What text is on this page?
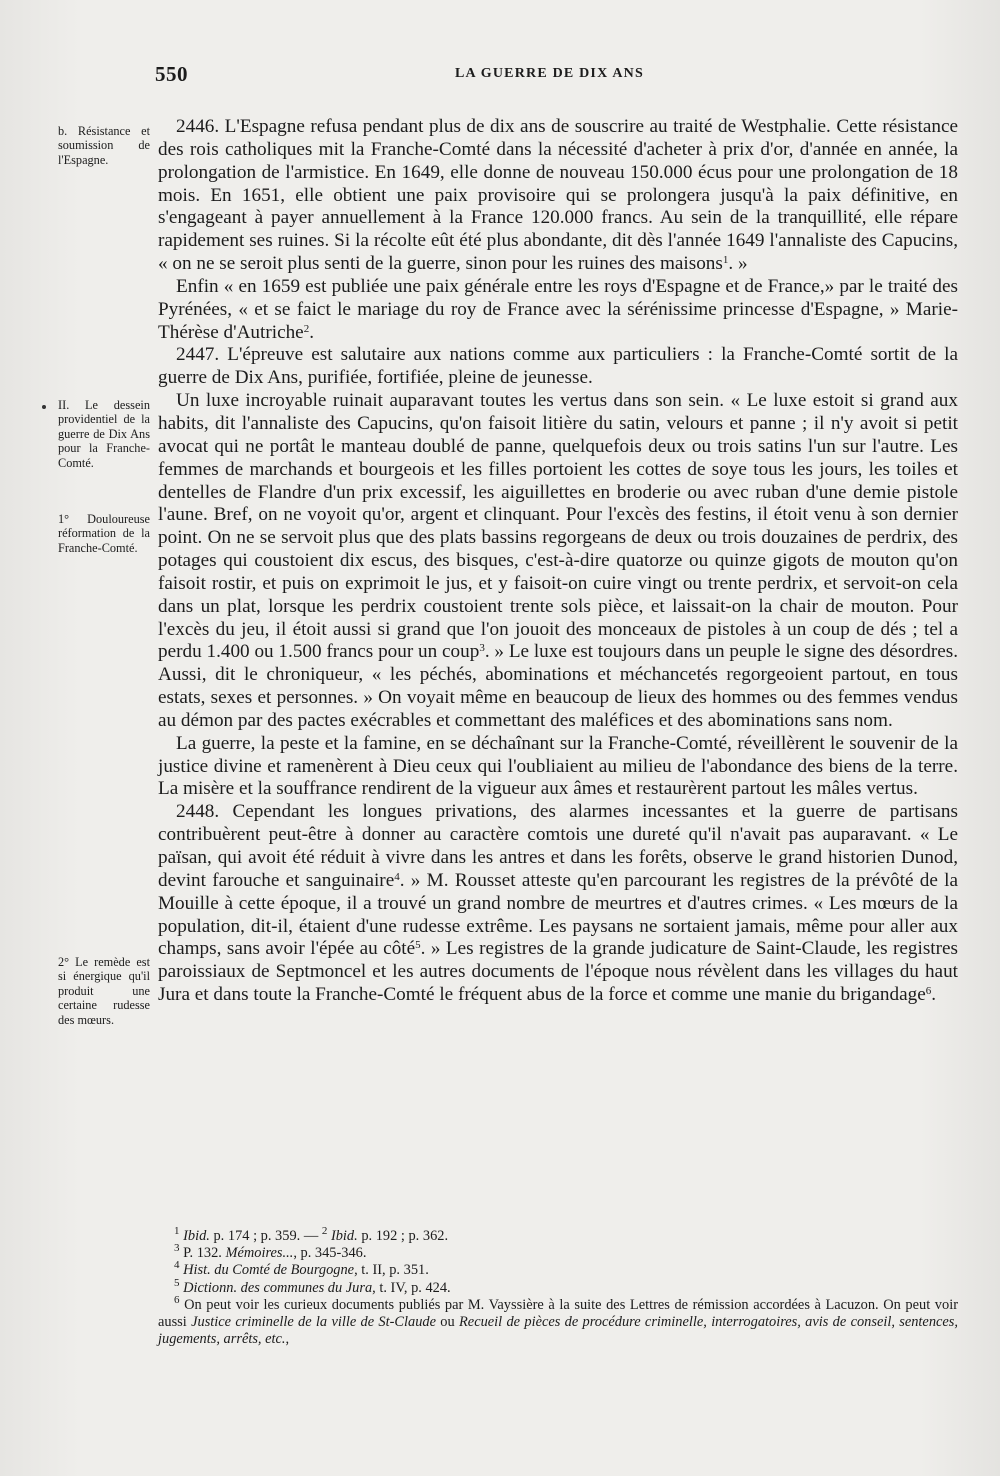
550	LA GUERRE DE DIX ANS
b. Résistance et soumission de l'Espagne.
II. Le dessein providentiel de la guerre de Dix Ans pour la Franche-Comté.
1° Douloureuse réformation de la Franche-Comté.
2° Le remède est si énergique qu'il produit une certaine rudesse des mœurs.

2446. L'Espagne refusa pendant plus de dix ans de souscrire au traité de Westphalie. Cette résistance des rois catholiques mit la Franche-Comté dans la nécessité d'acheter à prix d'or, d'année en année, la prolongation de l'armistice. En 1649, elle donne de nouveau 150.000 écus pour une prolongation de 18 mois. En 1651, elle obtient une paix provisoire qui se prolongera jusqu'à la paix définitive, en s'engageant à payer annuellement à la France 120.000 francs. Au sein de la tranquillité, elle répare rapidement ses ruines. Si la récolte eût été plus abondante, dit dès l'année 1649 l'annaliste des Capucins, « on ne se seroit plus senti de la guerre, sinon pour les ruines des maisons$^1$. »

Enfin « en 1659 est publiée une paix générale entre les roys d'Espagne et de France,» par le traité des Pyrénées, « et se faict le mariage du roy de France avec la sérénissime princesse d'Espagne, » Marie-Thérèse d'Autriche$^2$.

2447. L'épreuve est salutaire aux nations comme aux particuliers : la Franche-Comté sortit de la guerre de Dix Ans, purifiée, fortifiée, pleine de jeunesse.

Un luxe incroyable ruinait auparavant toutes les vertus dans son sein. « Le luxe estoit si grand aux habits, dit l'annaliste des Capucins, qu'on faisoit litière du satin, velours et panne ; il n'y avoit si petit avocat qui ne portât le manteau doublé de panne, quelquefois deux ou trois satins l'un sur l'autre. Les femmes de marchands et bourgeois et les filles portoient les cottes de soye tous les jours, les toiles et dentelles de Flandre d'un prix excessif, les aiguillettes en broderie ou avec ruban d'une demie pistole l'aune. Bref, on ne voyoit qu'or, argent et clinquant. Pour l'excès des festins, il étoit venu à son dernier point. On ne se servoit plus que des plats bassins regorgeans de deux ou trois douzaines de perdrix, des potages qui coustoient dix escus, des bisques, c'est-à-dire quatorze ou quinze gigots de mouton qu'on faisoit rostir, et puis on exprimoit le jus, et y faisoit-on cuire vingt ou trente perdrix, et servoit-on cela dans un plat, lorsque les perdrix coustoient trente sols pièce, et laissait-on la chair de mouton. Pour l'excès du jeu, il étoit aussi si grand que l'on jouoit des monceaux de pistoles à un coup de dés ; tel a perdu 1.400 ou 1.500 francs pour un coup$^3$. » Le luxe est toujours dans un peuple le signe des désordres. Aussi, dit le chroniqueur, « les péchés, abominations et méchancetés regorgeoient partout, en tous estats, sexes et personnes. » On voyait même en beaucoup de lieux des hommes ou des femmes vendus au démon par des pactes exécrables et commettant des maléfices et des abominations sans nom.

La guerre, la peste et la famine, en se déchaînant sur la Franche-Comté, réveillèrent le souvenir de la justice divine et ramenèrent à Dieu ceux qui l'oubliaient au milieu de l'abondance des biens de la terre. La misère et la souffrance rendirent de la vigueur aux âmes et restaurèrent partout les mâles vertus.

2448. Cependant les longues privations, des alarmes incessantes et la guerre de partisans contribuèrent peut-être à donner au caractère comtois une dureté qu'il n'avait pas auparavant. « Le païsan, qui avoit été réduit à vivre dans les antres et dans les forêts, observe le grand historien Dunod, devint farouche et sanguinaire$^4$. » M. Rousset atteste qu'en parcourant les registres de la prévôté de la Mouille à cette époque, il a trouvé un grand nombre de meurtres et d'autres crimes. « Les mœurs de la population, dit-il, étaient d'une rudesse extrême. Les paysans ne sortaient jamais, même pour aller aux champs, sans avoir l'épée au côté$^5$. » Les registres de la grande judicature de Saint-Claude, les registres paroissiaux de Septmoncel et les autres documents de l'époque nous révèlent dans les villages du haut Jura et dans toute la Franche-Comté le fréquent abus de la force et comme une manie du brigandage$^6$.

$^1$ Ibid. p. 174 ; p. 359. — $^2$ Ibid. p. 192 ; p. 362.

$^3$ P. 132. Mémoires..., p. 345-346.

$^4$ Hist. du Comté de Bourgogne, t. II, p. 351.

$^5$ Dictionn. des communes du Jura, t. IV, p. 424.

$^6$ On peut voir les curieux documents publiés par M. Vayssière à la suite des Lettres de rémission accordées à Lacuzon. On peut voir aussi Justice criminelle de la ville de St-Claude ou Recueil de pièces de procédure criminelle, interrogatoires, avis de conseil, sentences, jugements, arrêts, etc.,
